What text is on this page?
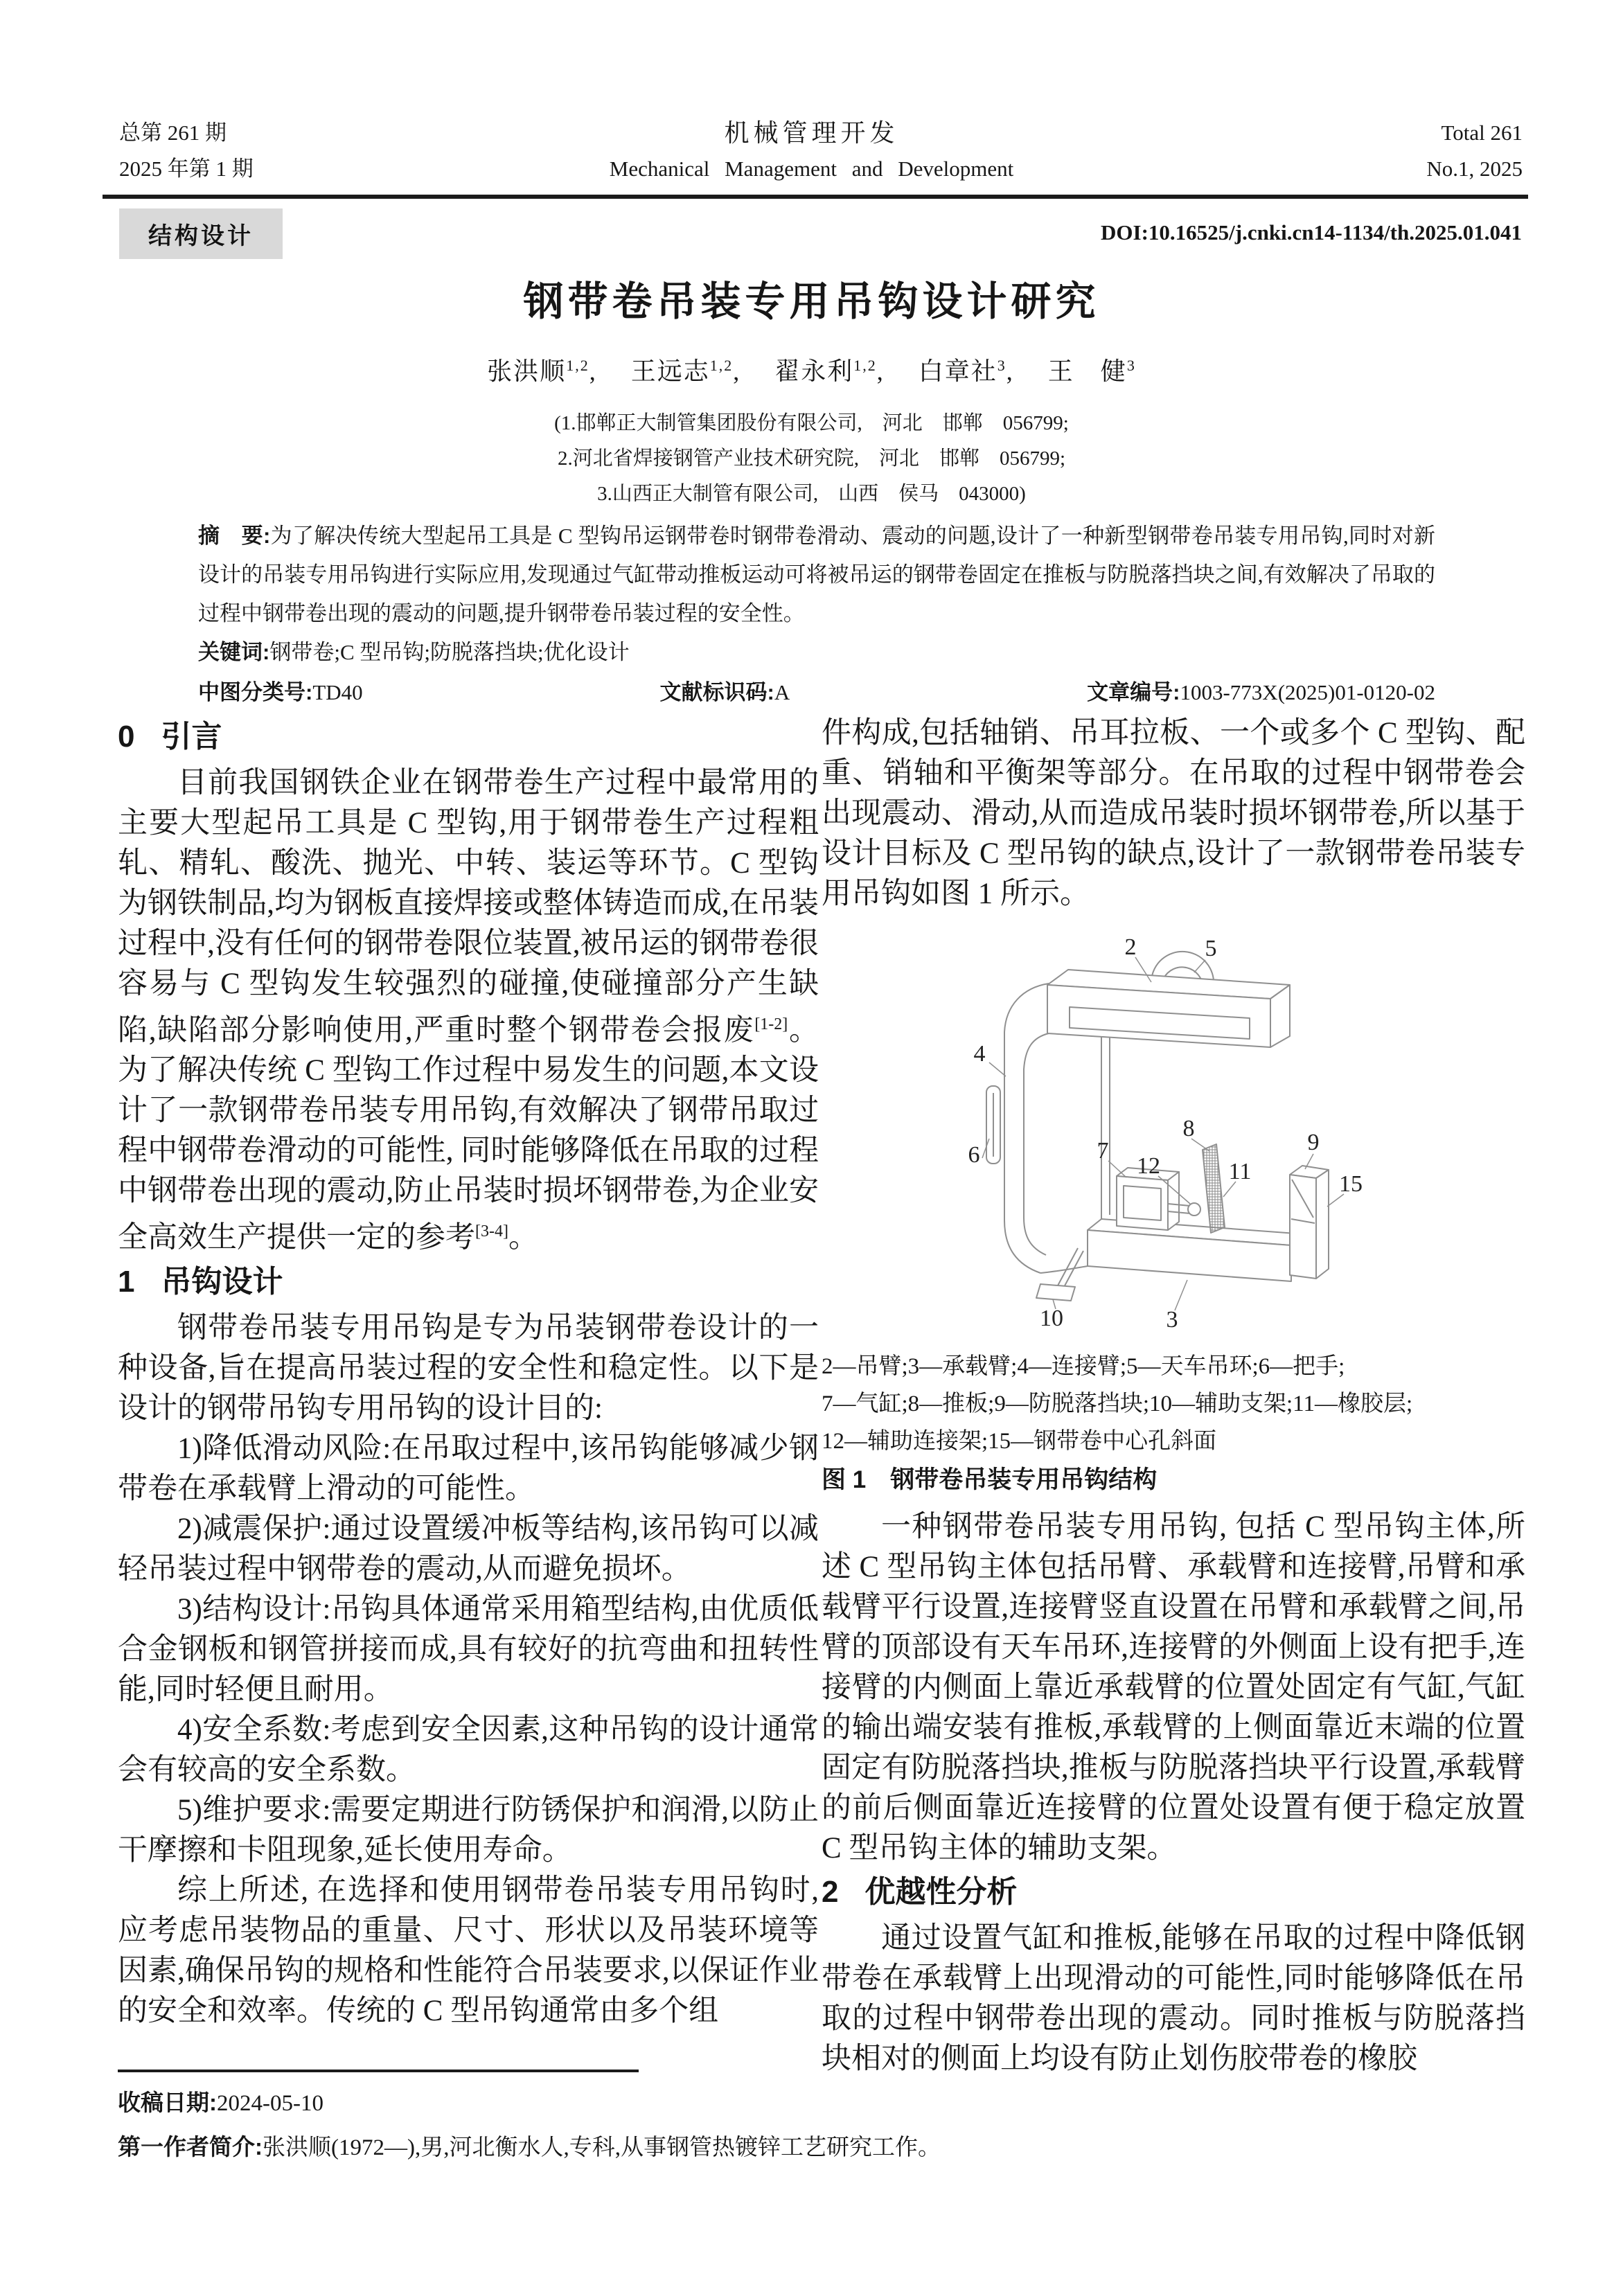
总第 261 期
2025 年第 1 期
机械管理开发
Mechanical Management and Development
Total 261
No.1, 2025
结构设计	DOI:10.16525/j.cnki.cn14-1134/th.2025.01.041
钢带卷吊装专用吊钩设计研究
张洪顺$^{1,2}$,　 王远志$^{1,2}$,　 翟永利$^{1,2}$,　 白章社$^3$,　 王　健$^3$
(1.邯郸正大制管集团股份有限公司,　河北　邯郸　056799;
2.河北省焊接钢管产业技术研究院,　河北　邯郸　056799;
3.山西正大制管有限公司,　山西　侯马　043000)

摘　要:为了解决传统大型起吊工具是 C 型钩吊运钢带卷时钢带卷滑动、震动的问题,设计了一种新型钢带卷吊装专用吊钩,同时对新设计的吊装专用吊钩进行实际应用,发现通过气缸带动推板运动可将被吊运的钢带卷固定在推板与防脱落挡块之间,有效解决了吊取的过程中钢带卷出现的震动的问题,提升钢带卷吊装过程的安全性。

关键词:钢带卷;C 型吊钩;防脱落挡块;优化设计

中图分类号:TD40	文献标识码:A	文章编号:1003-773X(2025)01-0120-02
0 引言

目前我国钢铁企业在钢带卷生产过程中最常用的主要大型起吊工具是 C 型钩,用于钢带卷生产过程粗轧、精轧、酸洗、抛光、中转、装运等环节。C 型钩为钢铁制品,均为钢板直接焊接或整体铸造而成,在吊装过程中,没有任何的钢带卷限位装置,被吊运的钢带卷很容易与 C 型钩发生较强烈的碰撞,使碰撞部分产生缺陷,缺陷部分影响使用,严重时整个钢带卷会报废[1-2]。为了解决传统 C 型钩工作过程中易发生的问题,本文设计了一款钢带卷吊装专用吊钩,有效解决了钢带吊取过程中钢带卷滑动的可能性, 同时能够降低在吊取的过程中钢带卷出现的震动,防止吊装时损坏钢带卷,为企业安全高效生产提供一定的参考[3-4]。

1 吊钩设计

钢带卷吊装专用吊钩是专为吊装钢带卷设计的一种设备,旨在提高吊装过程的安全性和稳定性。以下是设计的钢带吊钩专用吊钩的设计目的:

1)降低滑动风险:在吊取过程中,该吊钩能够减少钢带卷在承载臂上滑动的可能性。

2)减震保护:通过设置缓冲板等结构,该吊钩可以减轻吊装过程中钢带卷的震动,从而避免损坏。

3)结构设计:吊钩具体通常采用箱型结构,由优质低合金钢板和钢管拼接而成,具有较好的抗弯曲和扭转性能,同时轻便且耐用。

4)安全系数:考虑到安全因素,这种吊钩的设计通常会有较高的安全系数。

5)维护要求:需要定期进行防锈保护和润滑,以防止干摩擦和卡阻现象,延长使用寿命。

综上所述, 在选择和使用钢带卷吊装专用吊钩时,应考虑吊装物品的重量、尺寸、形状以及吊装环境等因素,确保吊钩的规格和性能符合吊装要求,以保证作业的安全和效率。传统的 C 型吊钩通常由多个组

件构成,包括轴销、吊耳拉板、一个或多个 C 型钩、配重、销轴和平衡架等部分。在吊取的过程中钢带卷会出现震动、滑动,从而造成吊装时损坏钢带卷,所以基于设计目标及 C 型吊钩的缺点,设计了一款钢带卷吊装专用吊钩如图 1 所示。

2	5
4
6	7
12
8
11
9
15
10	3

2—吊臂;3—承载臂;4—连接臂;5—天车吊环;6—把手;

7—气缸;8—推板;9—防脱落挡块;10—辅助支架;11—橡胶层;

12—辅助连接架;15—钢带卷中心孔斜面

图 1　钢带卷吊装专用吊钩结构

一种钢带卷吊装专用吊钩, 包括 C 型吊钩主体,所述 C 型吊钩主体包括吊臂、承载臂和连接臂,吊臂和承载臂平行设置,连接臂竖直设置在吊臂和承载臂之间,吊臂的顶部设有天车吊环,连接臂的外侧面上设有把手,连接臂的内侧面上靠近承载臂的位置处固定有气缸,气缸的输出端安装有推板,承载臂的上侧面靠近末端的位置固定有防脱落挡块,推板与防脱落挡块平行设置,承载臂的前后侧面靠近连接臂的位置处设置有便于稳定放置 C 型吊钩主体的辅助支架。

2 优越性分析

通过设置气缸和推板,能够在吊取的过程中降低钢带卷在承载臂上出现滑动的可能性,同时能够降低在吊取的过程中钢带卷出现的震动。同时推板与防脱落挡块相对的侧面上均设有防止划伤胶带卷的橡胶

收稿日期:2024-05-10
第一作者简介:张洪顺(1972—),男,河北衡水人,专科,从事钢管热镀锌工艺研究工作。
